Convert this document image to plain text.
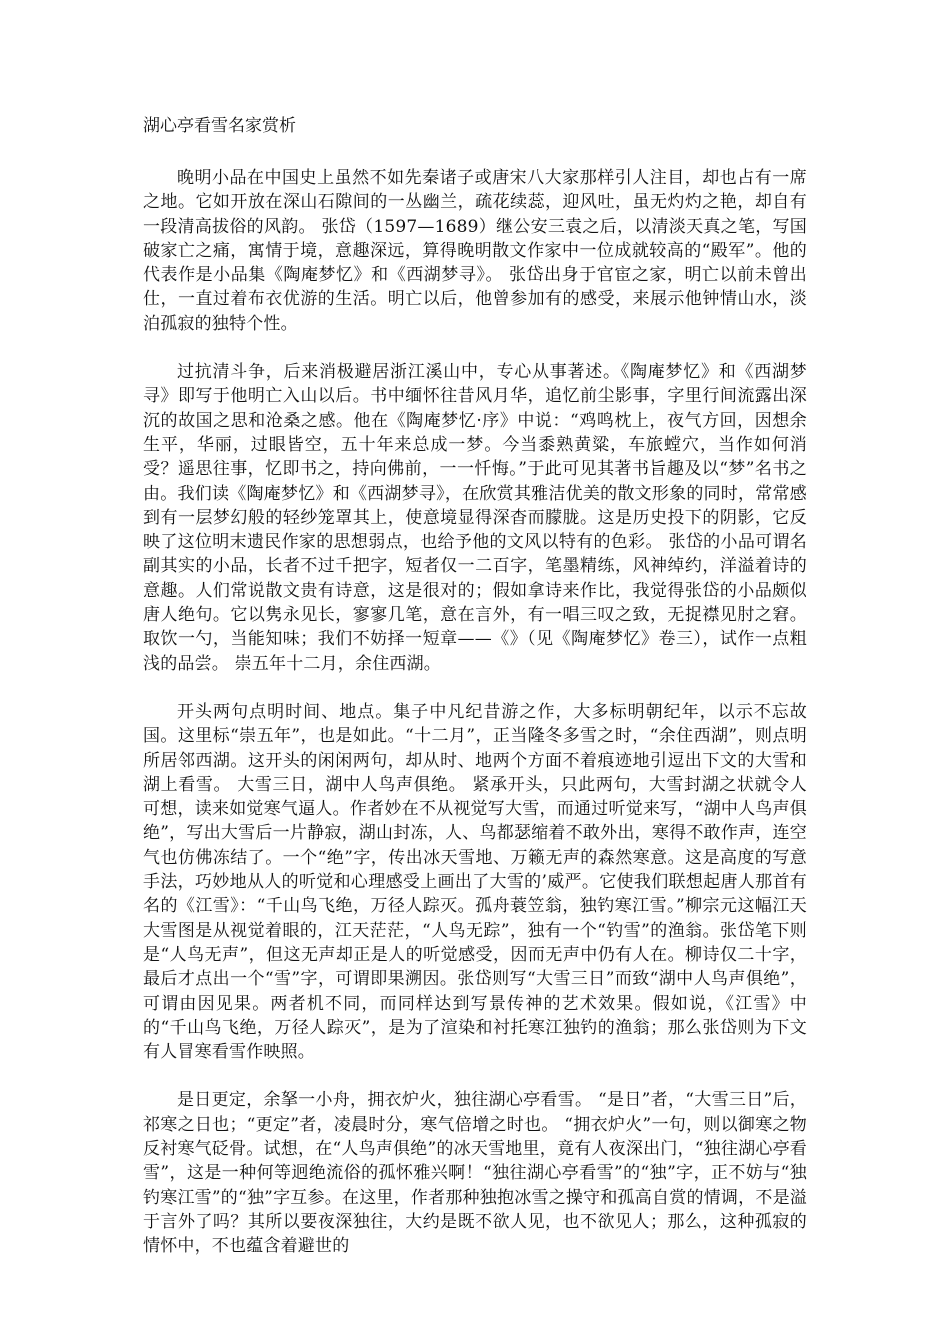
湖心亭看雪名家赏析

晚明小品在中国史上虽然不如先秦诸子或唐宋八大家那样引人注目，却也占有一席之地。它如开放在深山石隙间的一丛幽兰，疏花续蕊，迎风吐，虽无灼灼之艳，却自有一段清高拔俗的风韵。 张岱（1597—1689）继公安三袁之后，以清淡天真之笔，写国破家亡之痛，寓情于境，意趣深远，算得晚明散文作家中一位成就较高的“殿军”。他的代表作是小品集《陶庵梦忆》和《西湖梦寻》。 张岱出身于官宦之家，明亡以前未曾出仕，一直过着布衣优游的生活。明亡以后，他曾参加有的感受，来展示他钟情山水，淡泊孤寂的独特个性。

过抗清斗争，后来消极避居浙江溪山中，专心从事著述。《陶庵梦忆》和《西湖梦寻》即写于他明亡入山以后。书中缅怀往昔风月华，追忆前尘影事，字里行间流露出深沉的故国之思和沧桑之感。他在《陶庵梦忆·序》中说：“鸡鸣枕上，夜气方回，因想余生平，华丽，过眼皆空，五十年来总成一梦。今当黍熟黄粱，车旅螳穴，当作如何消受？遥思往事，忆即书之，持向佛前，一一忏悔。”于此可见其著书旨趣及以“梦”名书之由。我们读《陶庵梦忆》和《西湖梦寻》，在欣赏其雅洁优美的散文形象的同时，常常感到有一层梦幻般的轻纱笼罩其上，使意境显得深杳而朦胧。这是历史投下的阴影，它反映了这位明末遗民作家的思想弱点，也给予他的文风以特有的色彩。 张岱的小品可谓名副其实的小品，长者不过千把字，短者仅一二百字，笔墨精练，风神绰约，洋溢着诗的意趣。人们常说散文贵有诗意，这是很对的；假如拿诗来作比，我觉得张岱的小品颇似唐人绝句。它以隽永见长，寥寥几笔，意在言外，有一唱三叹之致，无捉襟见肘之窘。取饮一勺，当能知味；我们不妨择一短章——《》（见《陶庵梦忆》卷三），试作一点粗浅的品尝。 崇五年十二月，余住西湖。

开头两句点明时间、地点。集子中凡纪昔游之作，大多标明朝纪年，以示不忘故国。这里标“崇五年”，也是如此。“十二月”，正当隆冬多雪之时，“余住西湖”，则点明所居邻西湖。这开头的闲闲两句，却从时、地两个方面不着痕迹地引逗出下文的大雪和湖上看雪。 大雪三日，湖中人鸟声俱绝。 紧承开头，只此两句，大雪封湖之状就令人可想，读来如觉寒气逼人。作者妙在不从视觉写大雪，而通过听觉来写，“湖中人鸟声俱绝”，写出大雪后一片静寂，湖山封冻，人、鸟都瑟缩着不敢外出，寒得不敢作声，连空气也仿佛冻结了。一个“绝”字，传出冰天雪地、万籁无声的森然寒意。这是高度的写意手法，巧妙地从人的听觉和心理感受上画出了大雪的’威严。它使我们联想起唐人那首有名的《江雪》：“千山鸟飞绝，万径人踪灭。孤舟蓑笠翁，独钓寒江雪。”柳宗元这幅江天大雪图是从视觉着眼的，江天茫茫，“人鸟无踪”，独有一个“钓雪”的渔翁。张岱笔下则是“人鸟无声”，但这无声却正是人的听觉感受，因而无声中仍有人在。柳诗仅二十字，最后才点出一个“雪”字，可谓即果溯因。张岱则写“大雪三日”而致“湖中人鸟声俱绝”，可谓由因见果。两者机不同，而同样达到写景传神的艺术效果。假如说，《江雪》中的“千山鸟飞绝，万径人踪灭”，是为了渲染和衬托寒江独钓的渔翁；那么张岱则为下文有人冒寒看雪作映照。

是日更定，余拏一小舟，拥衣炉火，独往湖心亭看雪。 “是日”者，“大雪三日”后，祁寒之日也；“更定”者，凌晨时分，寒气倍增之时也。 “拥衣炉火”一句，则以御寒之物反衬寒气砭骨。试想，在“人鸟声俱绝”的冰天雪地里，竟有人夜深出门，“独往湖心亭看雪”，这是一种何等迥绝流俗的孤怀雅兴啊！“独往湖心亭看雪”的“独”字，正不妨与“独钓寒江雪”的“独”字互参。在这里，作者那种独抱冰雪之操守和孤高自赏的情调，不是溢于言外了吗？其所以要夜深独往，大约是既不欲人见，也不欲见人；那么，这种孤寂的情怀中，不也蕴含着避世的
